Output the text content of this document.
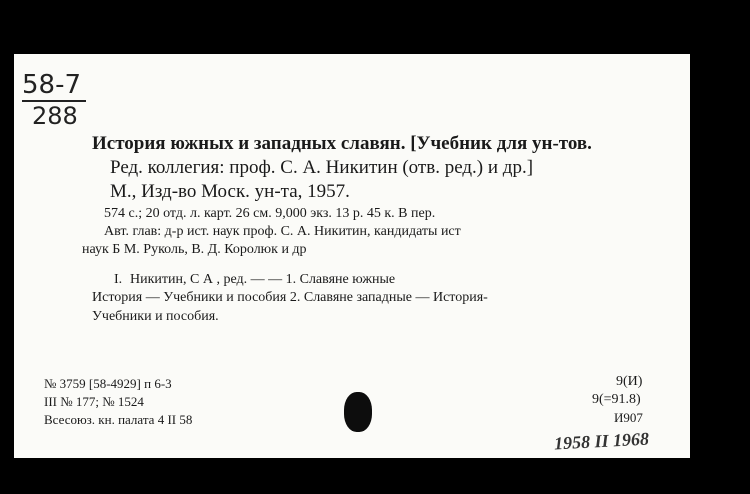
58-7
288
История южных и западных славян. [Учебник для ун-тов.
Ред. коллегия: проф. С. А. Никитин (отв. ред.) и др.]
М., Изд-во Моск. ун-та, 1957.
574 с.; 20 отд. л. карт. 26 см. 9,000 экз. 13 р. 45 к. В пер.
Авт. глав: д-р ист. наук проф. С. А. Никитин, кандидаты ист
наук Б М. Руколь, В. Д. Королюк и др
I. Никитин, С А , ред. — — 1. Славяне южные
История — Учебники и пособия 2. Славяне западные — История-
Учебники и пособия.
№ 3759 [58-4929] п 6-3
III № 177; № 1524
Всесоюз. кн. палата 4 II 58
9(И)
9(=91.8)
И907
1958 ІІ 1968
